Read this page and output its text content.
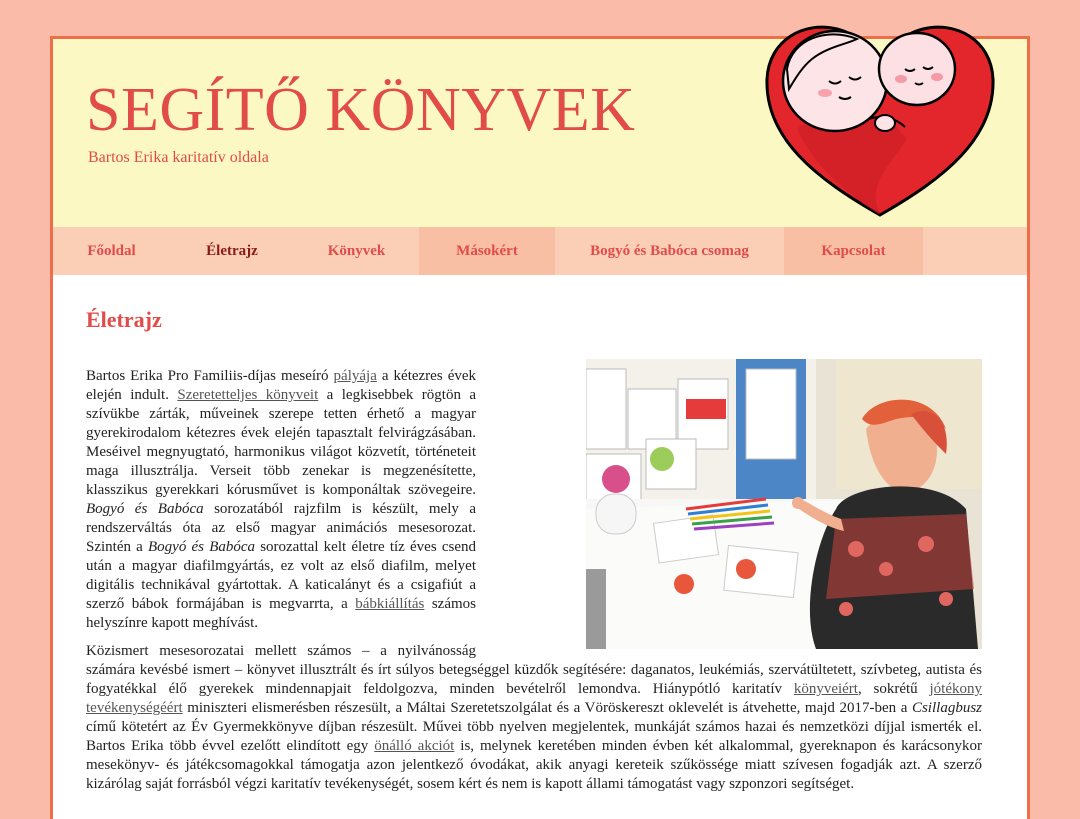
SEGÍTŐ KÖNYVEK
Bartos Erika karitatív oldala
Főoldal	Életrajz	Könyvek	Másokért	Bogyó és Babóca csomag	Kapcsolat
Életrajz

Bartos Erika Pro Familiis-díjas meseíró pályája a kétezres évek elején indult. Szeretetteljes könyveit a legkisebbek rögtön a szívükbe zárták, műveinek szerepe tetten érhető a magyar gyerekirodalom kétezres évek elején tapasztalt felvirágzásában. Meséivel megnyugtató, harmonikus világot közvetít, történeteit maga illusztrálja. Verseit több zenekar is megzenésítette, klasszikus gyerekkari kórusművet is komponáltak szövegeire. Bogyó és Babóca sorozatából rajzfilm is készült, mely a rendszerváltás óta az első magyar animációs mesesorozat. Szintén a Bogyó és Babóca sorozattal kelt életre tíz éves csend után a magyar diafilmgyártás, ez volt az első diafilm, melyet digitális technikával gyártottak. A katicalányt és a csigafiút a szerző bábok formájában is megvarrta, a bábkiállítás számos helyszínre kapott meghívást.

Közismert mesesorozatai mellett számos – a nyilvánosság számára kevésbé ismert – könyvet illusztrált és írt súlyos betegséggel küzdők segítésére: daganatos, leukémiás, szervátültetett, szívbeteg, autista és fogyatékkal élő gyerekek mindennapjait feldolgozva, minden bevételről lemondva. Hiánypótló karitatív könyveiért, sokrétű jótékony tevékenységéért miniszteri elismerésben részesült, a Máltai Szeretetszolgálat és a Vöröskereszt oklevelét is átvehette, majd 2017-ben a Csillagbusz című kötetért az Év Gyermekkönyve díjban részesült. Művei több nyelven megjelentek, munkáját számos hazai és nemzetközi díjjal ismerték el. Bartos Erika több évvel ezelőtt elindított egy önálló akciót is, melynek keretében minden évben két alkalommal, gyereknapon és karácsonykor mesekönyv- és játékcsomagokkal támogatja azon jelentkező óvodákat, akik anyagi kereteik szűkössége miatt szívesen fogadják azt. A szerző kizárólag saját forrásból végzi karitatív tevékenységét, sosem kért és nem is kapott állami támogatást vagy szponzori segítséget.
